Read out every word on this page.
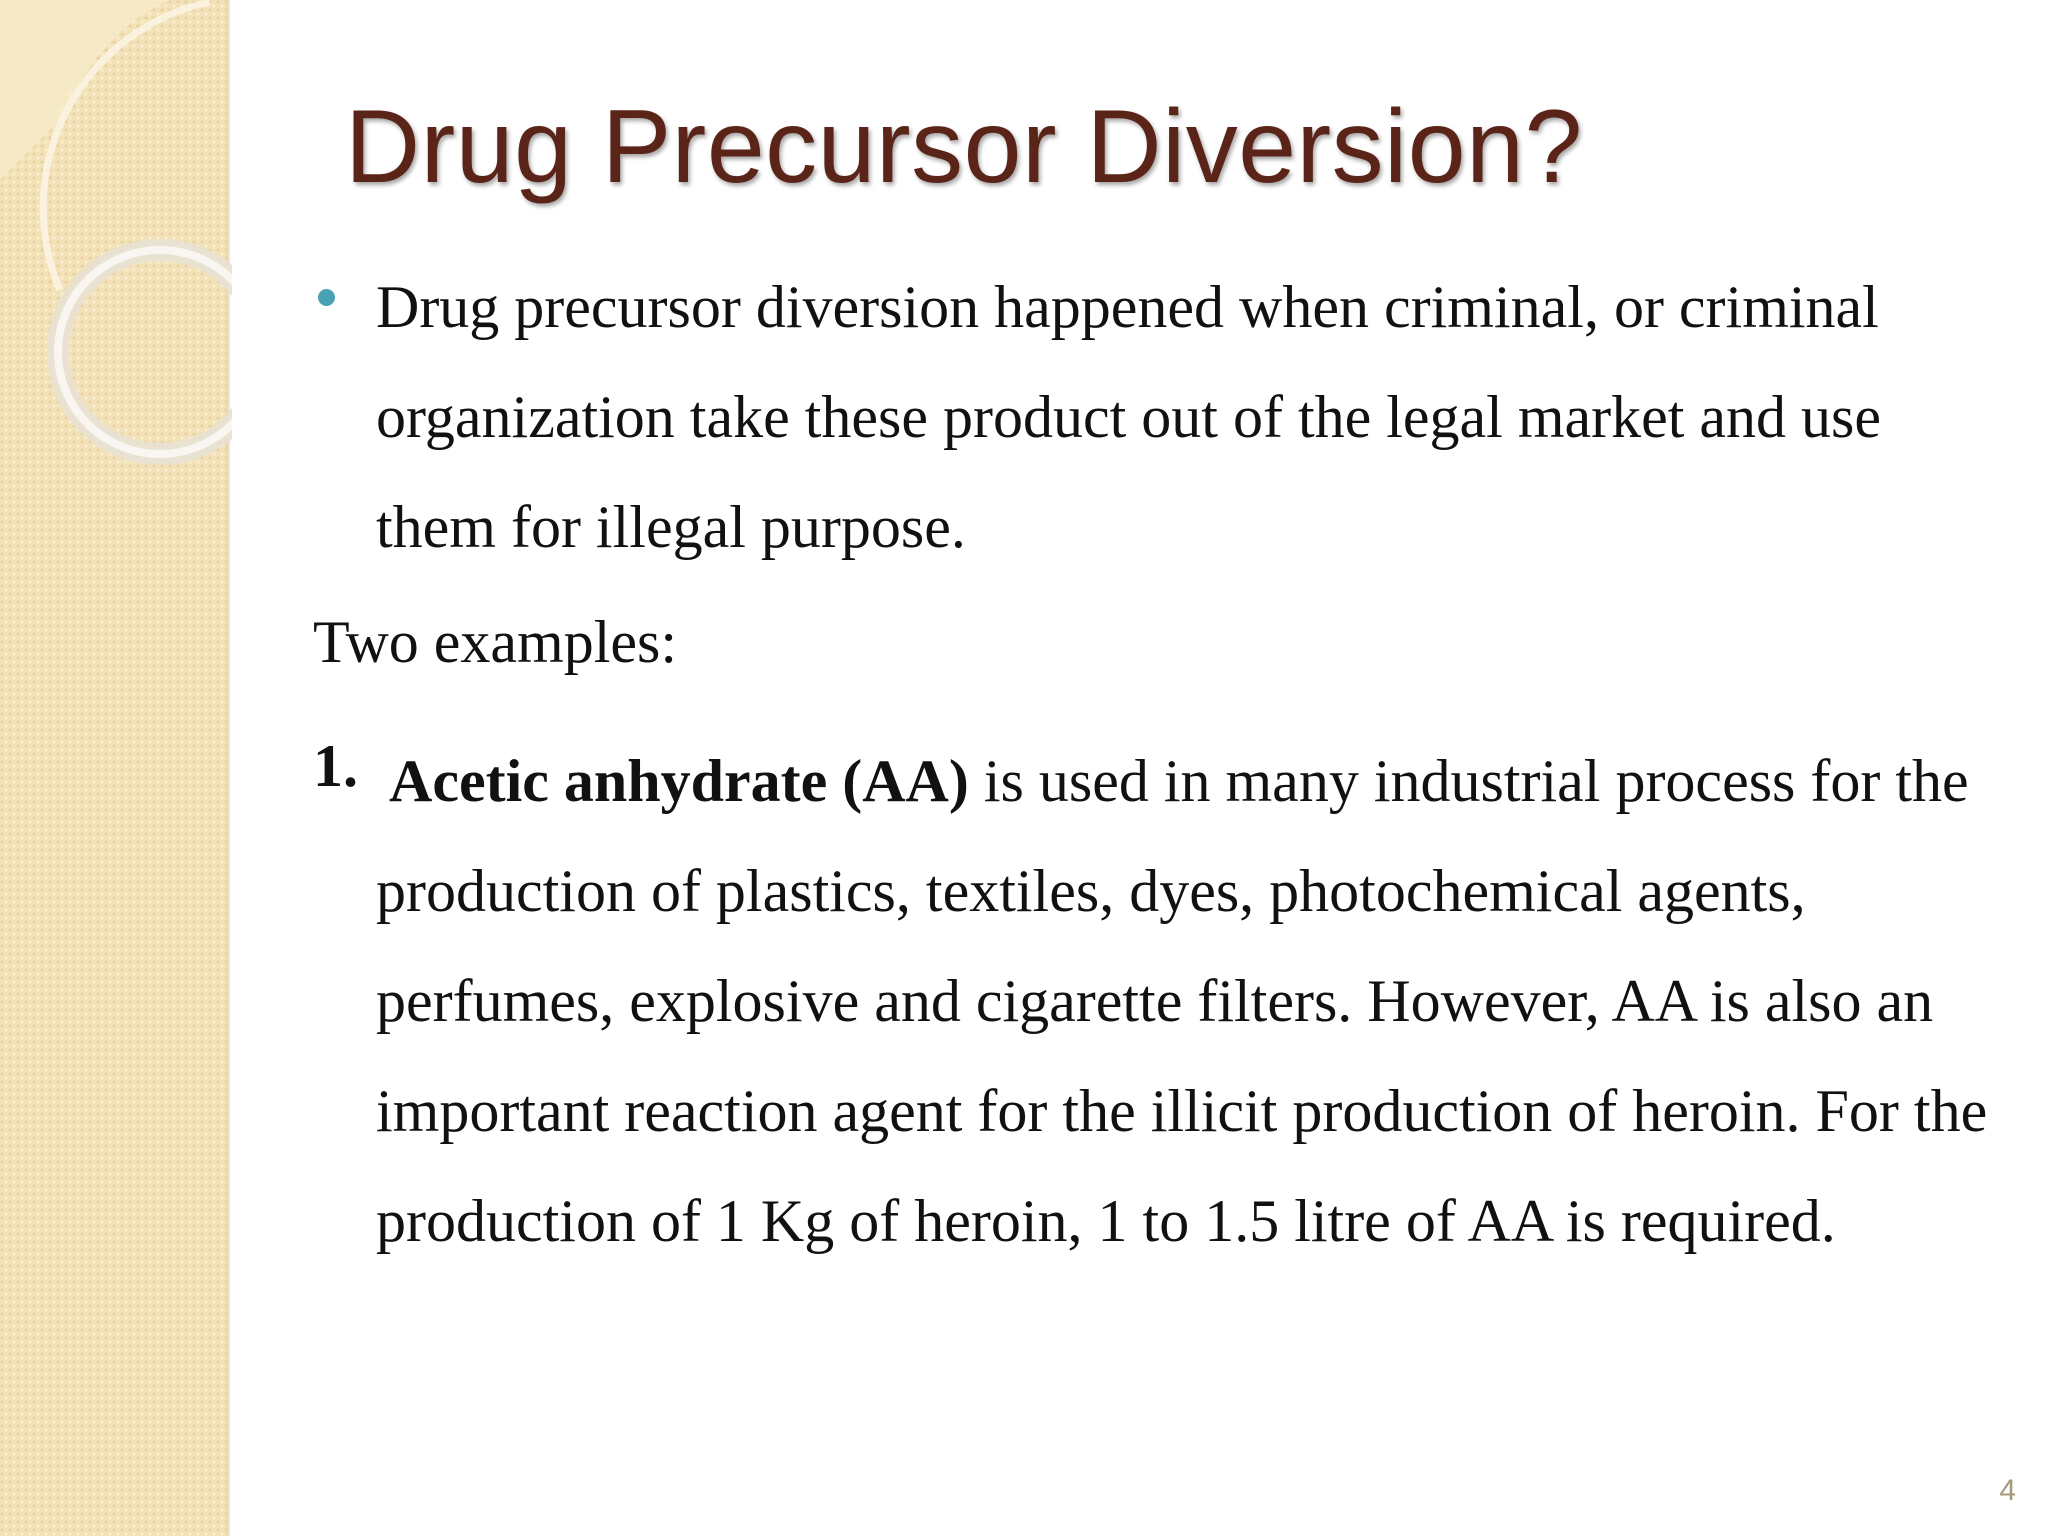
Drug Precursor Diversion?

Drug precursor diversion happened when criminal, or criminal organization take these product out of the legal market and use them for illegal purpose.

Two examples:

1. Acetic anhydrate (AA) is used in many industrial process for the production of plastics, textiles, dyes, photochemical agents, perfumes, explosive and cigarette filters. However, AA is also an important reaction agent for the illicit production of heroin. For the production of 1 Kg of heroin, 1 to 1.5 litre of AA is required.

4
